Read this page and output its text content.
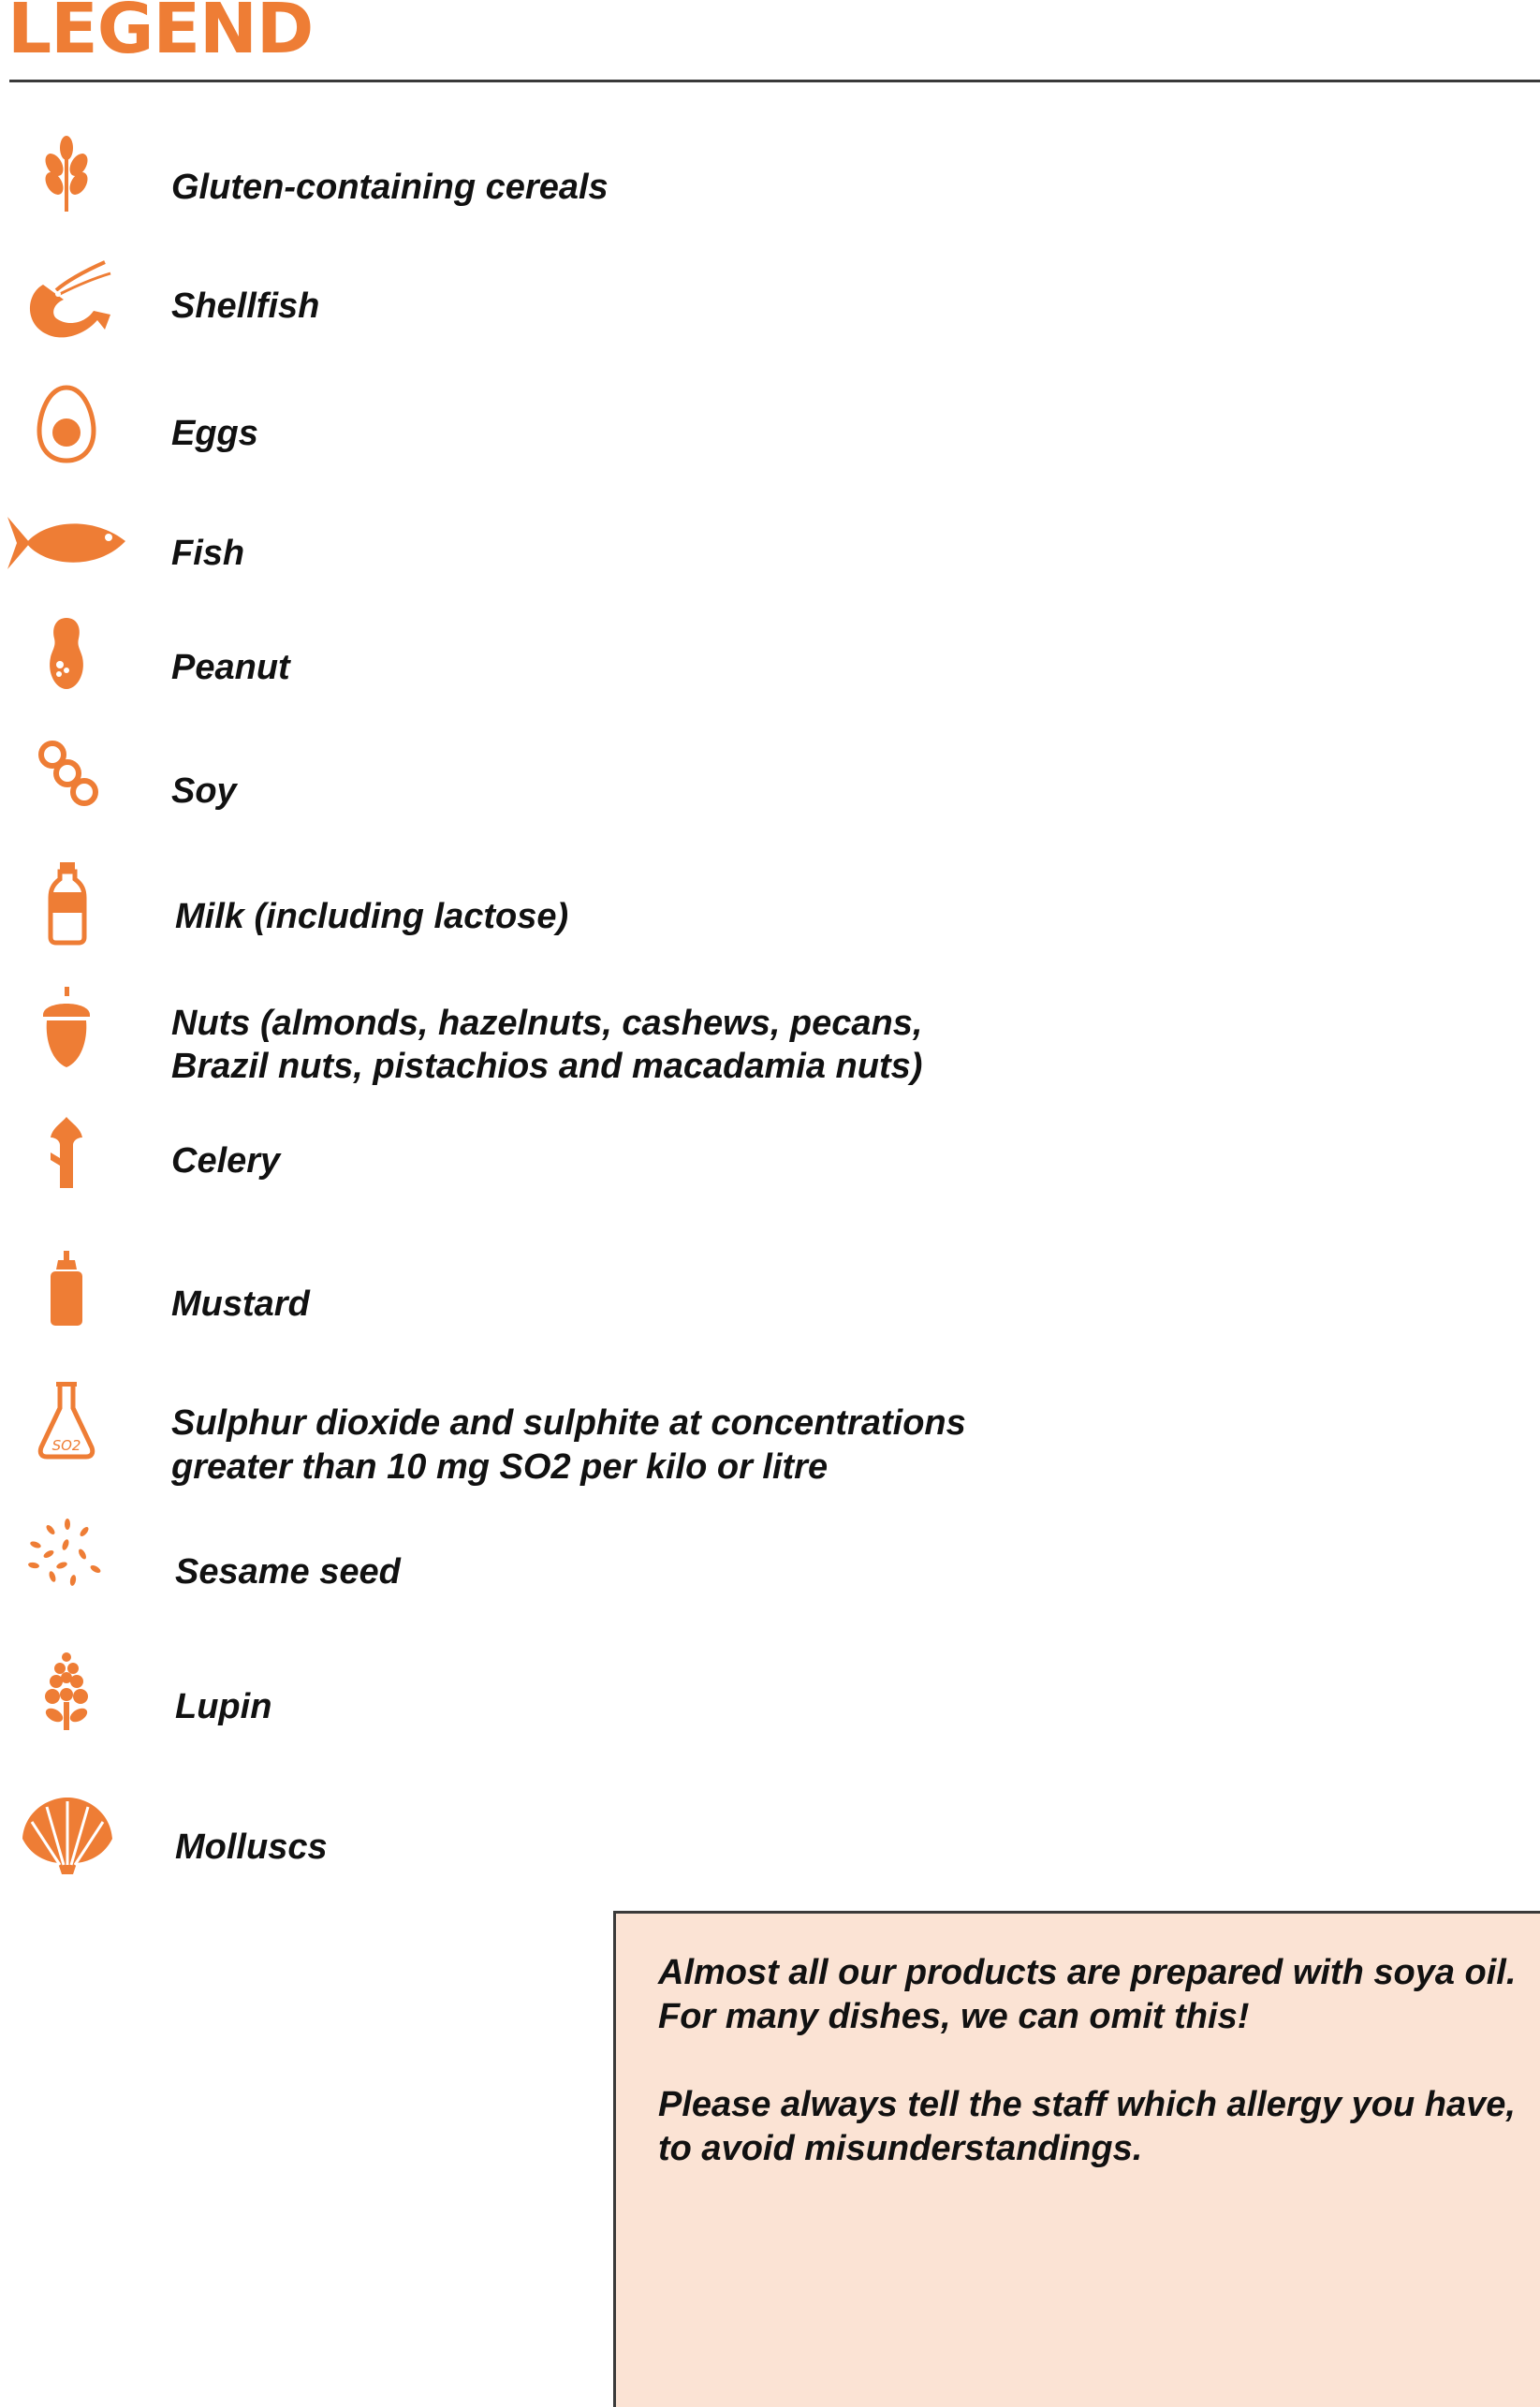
LEGEND
Gluten-containing cereals
Shellfish
Eggs
Fish
Peanut
Soy
Milk (including lactose)
Nuts (almonds, hazelnuts, cashews, pecans,
Brazil nuts, pistachios and macadamia nuts)
Celery
Mustard
SO2
Sulphur dioxide and sulphite at concentrations
greater than 10 mg SO2 per kilo or litre
Sesame seed
Lupin
Molluscs

Almost all our products are prepared with soya oil.

For many dishes, we can omit this!

Please always tell the staff which allergy you have,

to avoid misunderstandings.
